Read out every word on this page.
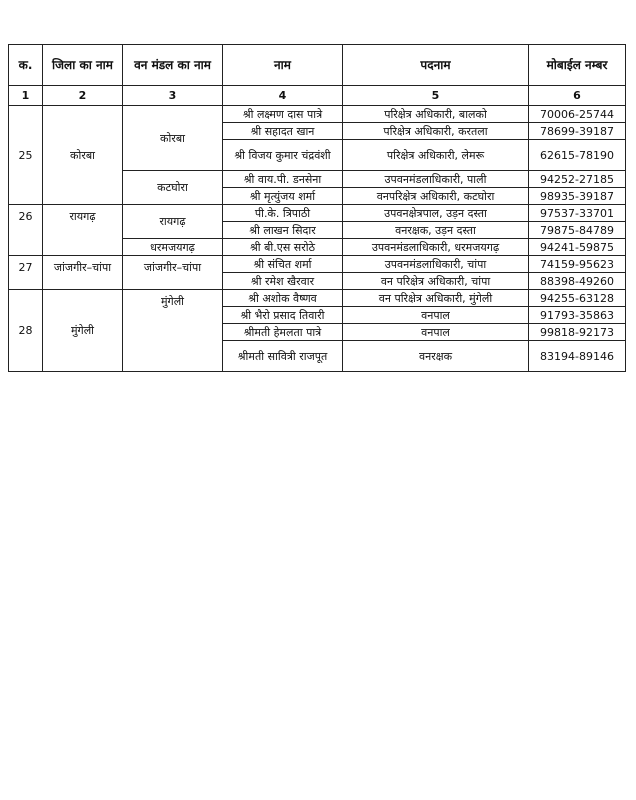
क.	जिला का नाम	वन मंडल का नाम	नाम	पदनाम	मोबाईल नम्बर
1	2	3	4	5	6
25	कोरबा	कोरबा	श्री लक्ष्मण दास पात्रे	परिक्षेत्र अधिकारी, बालको	70006-25744
			श्री सहादत खान	परिक्षेत्र अधिकारी, करतला	78699-39187
			श्री विजय कुमार चंद्रवंशी	परिक्षेत्र अधिकारी, लेमरू	62615-78190
		कटघोरा	श्री वाय.पी. डनसेना	उपवनमंडलाधिकारी, पाली	94252-27185
			श्री मृत्युंजय शर्मा	वनपरिक्षेत्र अधिकारी, कटघोरा	98935-39187
26	रायगढ़	रायगढ़	पी.के. त्रिपाठी	उपवनक्षेत्रपाल, उड़न दस्ता	97537-33701
			श्री लाखन सिदार	वनरक्षक, उड़न दस्ता	79875-84789
		धरमजयगढ़	श्री बी.एस सरोठे	उपवनमंडलाधिकारी, धरमजयगढ़	94241-59875
27	जांजगीर–चांपा	जांजगीर–चांपा	श्री संचित शर्मा	उपवनमंडलाधिकारी, चांपा	74159-95623
			श्री रमेश खैरवार	वन परिक्षेत्र अधिकारी, चांपा	88398-49260
28	मुंगेली	मुंगेली	श्री अशोक वैष्णव	वन परिक्षेत्र अधिकारी, मुंगेली	94255-63128
			श्री भैरो प्रसाद तिवारी	वनपाल	91793-35863
			श्रीमती हेमलता पात्रे	वनपाल	99818-92173
			श्रीमती सावित्री राजपूत	वनरक्षक	83194-89146
